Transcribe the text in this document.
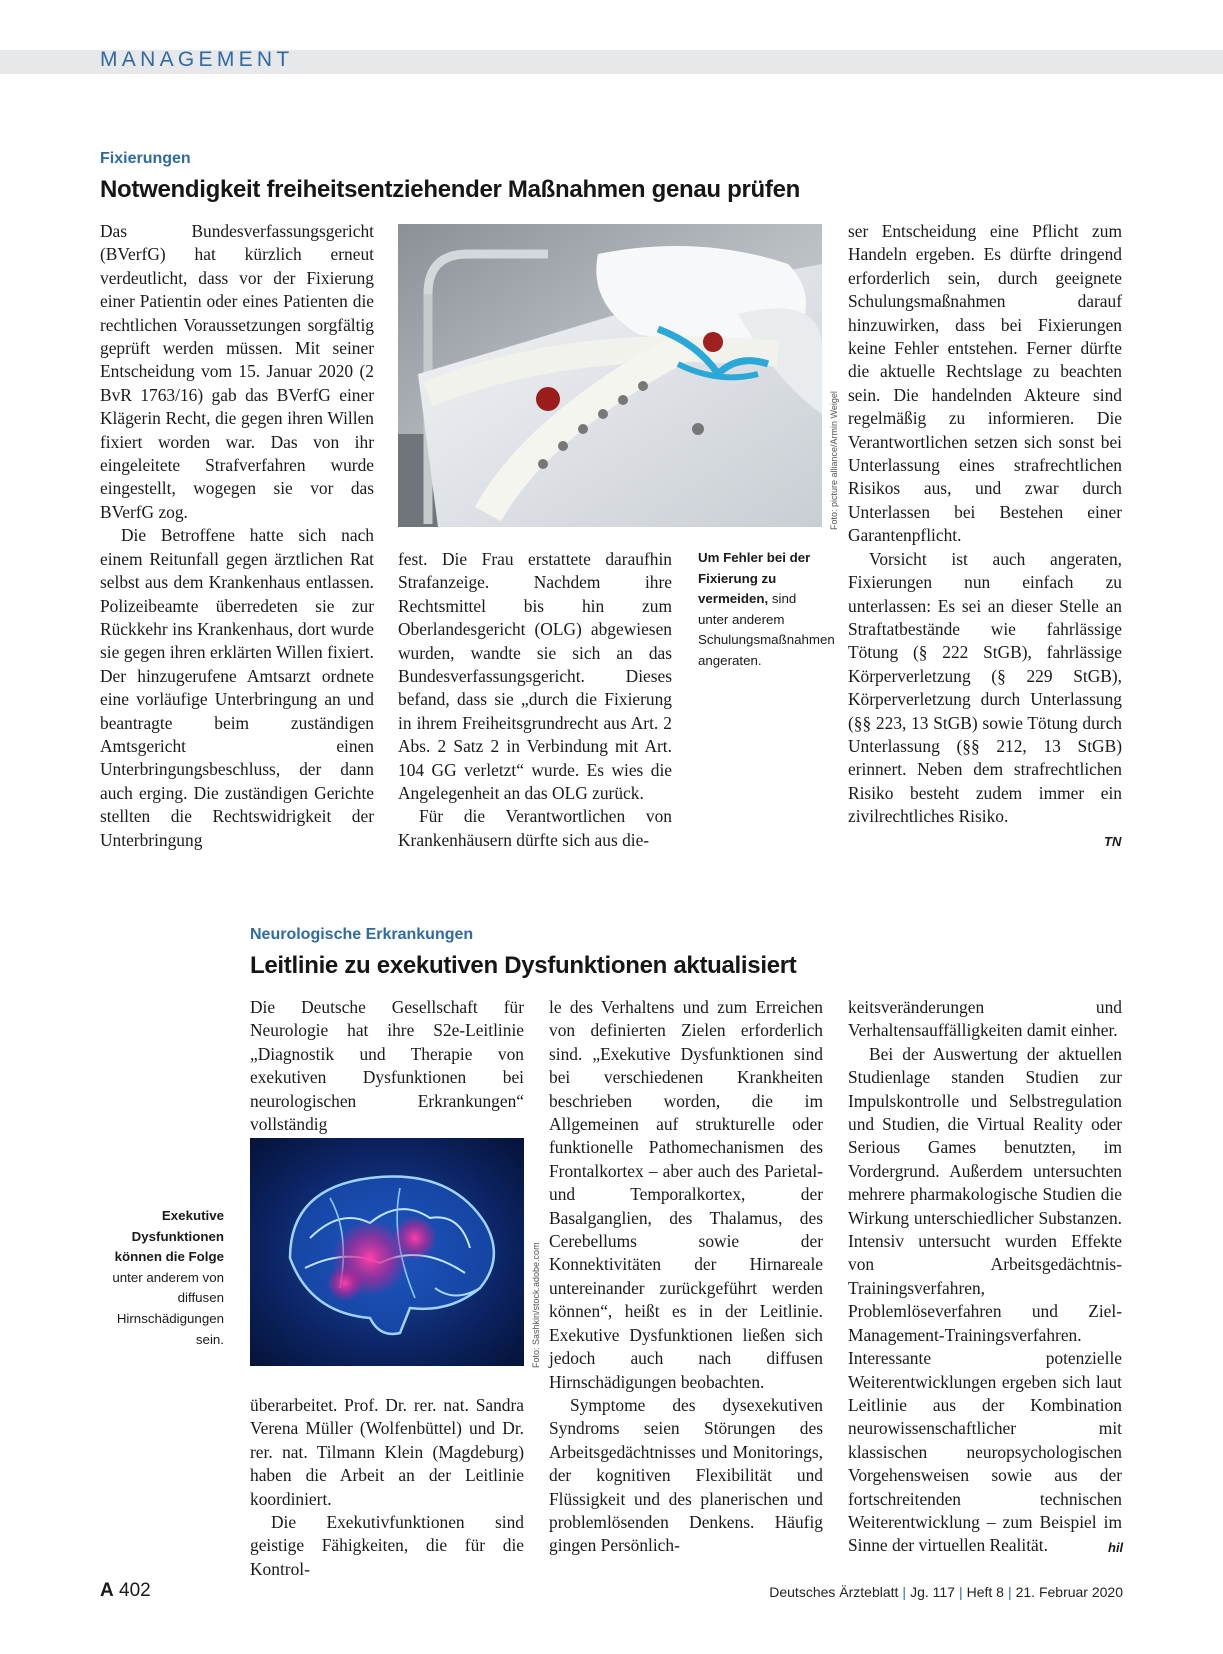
MANAGEMENT
Fixierungen
Notwendigkeit freiheitsentziehender Maßnahmen genau prüfen

Das Bundesverfassungsgericht (BVerfG) hat kürzlich erneut verdeutlicht, dass vor der Fixierung einer Patientin oder eines Patienten die rechtlichen Voraussetzungen sorgfältig geprüft werden müssen. Mit seiner Entscheidung vom 15. Januar 2020 (2 BvR 1763/16) gab das BVerfG einer Klägerin Recht, die gegen ihren Willen fixiert worden war. Das von ihr eingeleitete Strafverfahren wurde eingestellt, wogegen sie vor das BVerfG zog.

Die Betroffene hatte sich nach einem Reitunfall gegen ärztlichen Rat selbst aus dem Krankenhaus entlassen. Polizeibeamte überredeten sie zur Rückkehr ins Krankenhaus, dort wurde sie gegen ihren erklärten Willen fixiert. Der hinzugerufene Amtsarzt ordnete eine vorläufige Unterbringung an und beantragte beim zuständigen Amtsgericht einen Unterbringungsbeschluss, der dann auch erging. Die zuständigen Gerichte stellten die Rechtswidrigkeit der Unterbringung

Foto: picture alliance/Armin Weigel

fest. Die Frau erstattete daraufhin Strafanzeige. Nachdem ihre Rechtsmittel bis hin zum Oberlandesgericht (OLG) abgewiesen wurden, wandte sie sich an das Bundesverfassungsgericht. Dieses befand, dass sie „durch die Fixierung in ihrem Freiheitsgrundrecht aus Art. 2 Abs. 2 Satz 2 in Verbindung mit Art. 104 GG verletzt“ wurde. Es wies die Angelegenheit an das OLG zurück.

Für die Verantwortlichen von Krankenhäusern dürfte sich aus die-

Um Fehler bei der Fixierung zu vermeiden, sind unter anderem Schulungsmaßnahmen angeraten.

ser Entscheidung eine Pflicht zum Handeln ergeben. Es dürfte dringend erforderlich sein, durch geeignete Schulungsmaßnahmen darauf hinzuwirken, dass bei Fixierungen keine Fehler entstehen. Ferner dürfte die aktuelle Rechtslage zu beachten sein. Die handelnden Akteure sind regelmäßig zu informieren. Die Verantwortlichen setzen sich sonst bei Unterlassung eines strafrechtlichen Risikos aus, und zwar durch Unterlassen bei Bestehen einer Garantenpflicht.

Vorsicht ist auch angeraten, Fixierungen nun einfach zu unterlassen: Es sei an dieser Stelle an Straftatbestände wie fahrlässige Tötung (§ 222 StGB), fahrlässige Körperverletzung (§ 229 StGB), Körperverletzung durch Unterlassung (§§ 223, 13 StGB) sowie Tötung durch Unterlassung (§§ 212, 13 StGB) erinnert. Neben dem strafrechtlichen Risiko besteht zudem immer ein zivilrechtliches Risiko.

TN
Neurologische Erkrankungen
Leitlinie zu exekutiven Dysfunktionen aktualisiert

Die Deutsche Gesellschaft für Neurologie hat ihre S2e-Leitlinie „Diagnostik und Therapie von exekutiven Dysfunktionen bei neurologischen Erkrankungen“ vollständig

Foto: Sashkin/stock.adobe.com
Exekutive Dysfunktionen können die Folge unter anderem von diffusen Hirnschädigungen sein.

überarbeitet. Prof. Dr. rer. nat. Sandra Verena Müller (Wolfenbüttel) und Dr. rer. nat. Tilmann Klein (Magdeburg) haben die Arbeit an der Leitlinie koordiniert.

Die Exekutivfunktionen sind geistige Fähigkeiten, die für die Kontrol-

le des Verhaltens und zum Erreichen von definierten Zielen erforderlich sind. „Exekutive Dysfunktionen sind bei verschiedenen Krankheiten beschrieben worden, die im Allgemeinen auf strukturelle oder funktionelle Pathomechanismen des Frontalkortex – aber auch des Parietal- und Temporalkortex, der Basalganglien, des Thalamus, des Cerebellums sowie der Konnektivitäten der Hirnareale untereinander zurückgeführt werden können“, heißt es in der Leitlinie. Exekutive Dysfunktionen ließen sich jedoch auch nach diffusen Hirnschädigungen beobachten.

Symptome des dysexekutiven Syndroms seien Störungen des Arbeitsgedächtnisses und Monitorings, der kognitiven Flexibilität und Flüssigkeit und des planerischen und problemlösenden Denkens. Häufig gingen Persönlich-

keitsveränderungen und Verhaltensauffälligkeiten damit einher.

Bei der Auswertung der aktuellen Studienlage standen Studien zur Impulskontrolle und Selbstregulation und Studien, die Virtual Reality oder Serious Games benutzten, im Vordergrund. Außerdem untersuchten mehrere pharmakologische Studien die Wirkung unterschiedlicher Substanzen. Intensiv untersucht wurden Effekte von Arbeitsgedächtnis-Trainingsverfahren, Problemlöseverfahren und Ziel-Management-Trainingsverfahren. Interessante potenzielle Weiterentwicklungen ergeben sich laut Leitlinie aus der Kombination neurowissenschaftlicher mit klassischen neuropsychologischen Vorgehensweisen sowie aus der fortschreitenden technischen Weiterentwicklung – zum Beispiel im Sinne der virtuellen Realität.	hil
A 402	Deutsches Ärzteblatt | Jg. 117 | Heft 8 | 21. Februar 2020
